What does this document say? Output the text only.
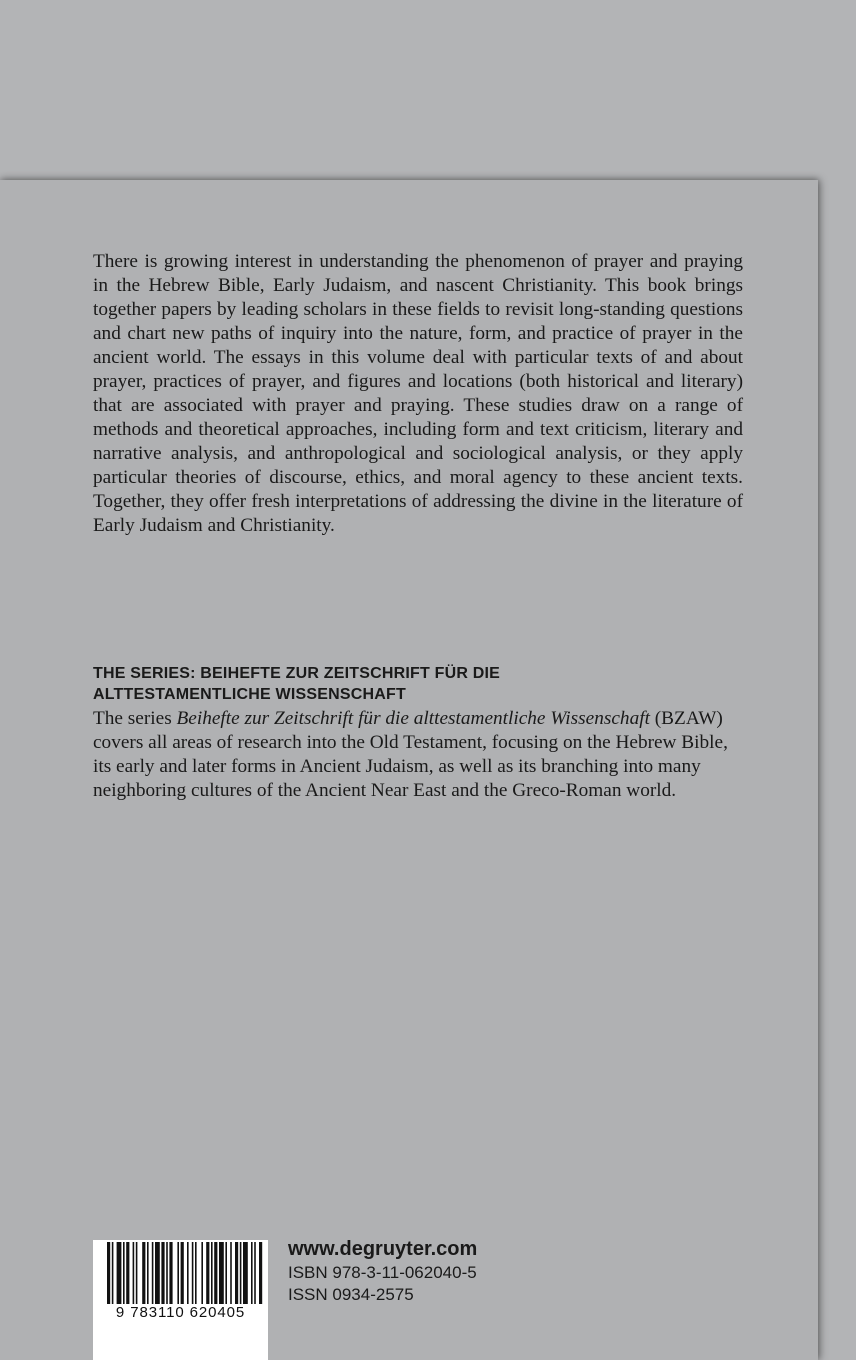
There is growing interest in understanding the phenomenon of prayer and praying in the Hebrew Bible, Early Judaism, and nascent Christianity. This book brings together papers by leading scholars in these fields to revisit long-standing questions and chart new paths of inquiry into the nature, form, and practice of prayer in the ancient world. The essays in this volume deal with particular texts of and about prayer, practices of prayer, and figures and locations (both historical and literary) that are associated with prayer and praying. These studies draw on a range of methods and theoretical approaches, including form and text criticism, literary and narrative analysis, and anthropological and sociological analysis, or they apply particular theories of discourse, ethics, and moral agency to these ancient texts. Together, they offer fresh interpretations of addressing the divine in the literature of Early Judaism and Christianity.

THE SERIES: BEIHEFTE ZUR ZEITSCHRIFT FÜR DIE
ALTTESTAMENTLICHE WISSENSCHAFT

The series Beihefte zur Zeitschrift für die alttestamentliche Wissenschaft (BZAW) covers all areas of research into the Old Testament, focusing on the Hebrew Bible, its early and later forms in Ancient Judaism, as well as its branching into many neighboring cultures of the Ancient Near East and the Greco-Roman world.

9 783110 620405
www.degruyter.com
ISBN 978-3-11-062040-5
ISSN 0934-2575
